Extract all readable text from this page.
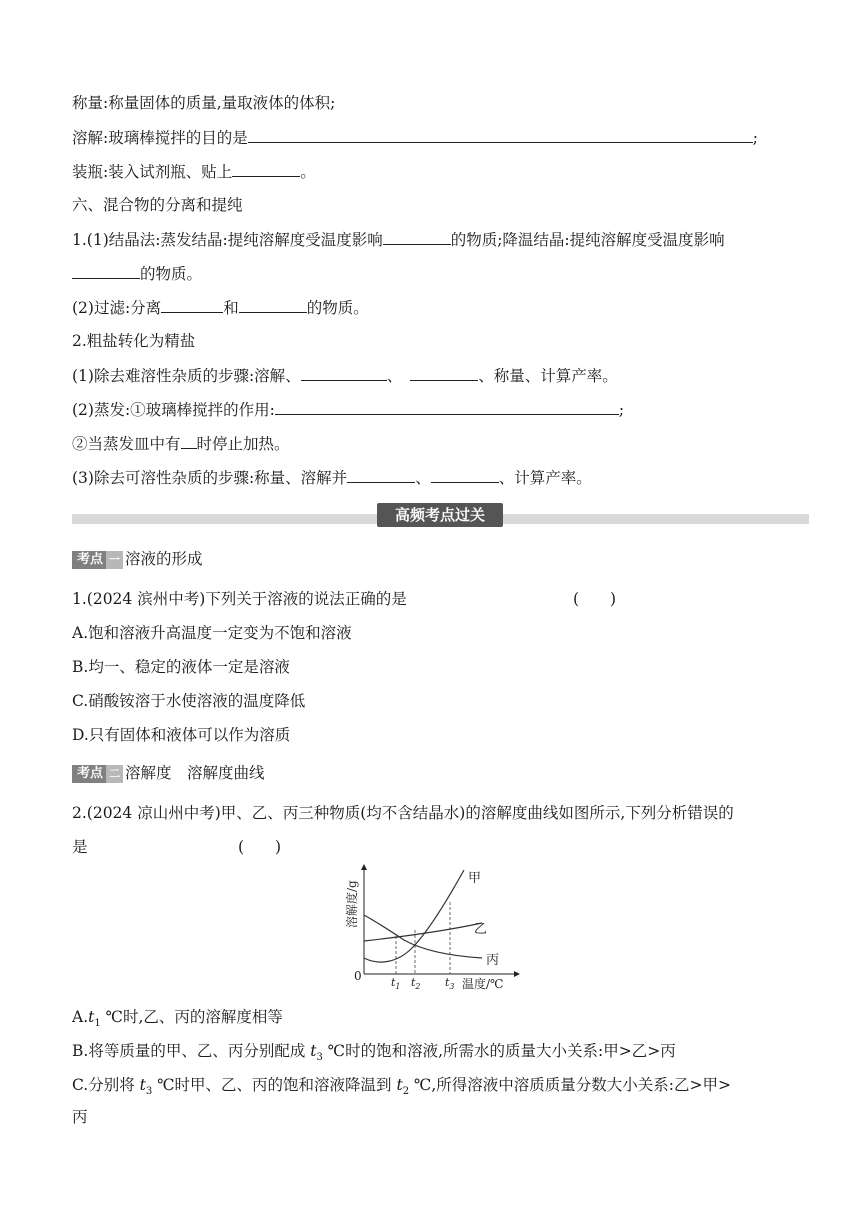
称量:称量固体的质量,量取液体的体积;
溶解:玻璃棒搅拌的目的是	;
装瓶:装入试剂瓶、贴上	。
六、混合物的分离和提纯
1.(1)结晶法:蒸发结晶:提纯溶解度受温度影响	的物质;降温结晶:提纯溶解度受温度影响
的物质。
(2)过滤:分离	和	的物质。
2.粗盐转化为精盐
(1)除去难溶性杂质的步骤:溶解、	、	、称量、计算产率。
(2)蒸发:①玻璃棒搅拌的作用:	;
②当蒸发皿中有 时停止加热。
(3)除去可溶性杂质的步骤:称量、溶解并	、	、计算产率。
高频考点过关
考点 一 溶液的形成
1.(2024 滨州中考)下列关于溶液的说法正确的是	(　　)
A.饱和溶液升高温度一定变为不饱和溶液
B.均一、稳定的液体一定是溶液
C.硝酸铵溶于水使溶液的温度降低
D.只有固体和液体可以作为溶质
考点 二 溶解度　溶解度曲线
2.(2024 凉山州中考)甲、乙、丙三种物质(均不含结晶水)的溶解度曲线如图所示,下列分析错误的
是	(　　)
甲
乙
丙
0
温度/℃
溶解度/g
$t_1$ $t_2$ $t_3$
$A.t_1$ ℃时,乙、丙的溶解度相等
B.将等质量的甲、乙、丙分别配成 $t_3$ ℃时的饱和溶液,所需水的质量大小关系:甲>乙>丙
C.分别将 $t_3$ ℃时甲、乙、丙的饱和溶液降温到 $t_2$ ℃,所得溶液中溶质质量分数大小关系:乙>甲>
丙
